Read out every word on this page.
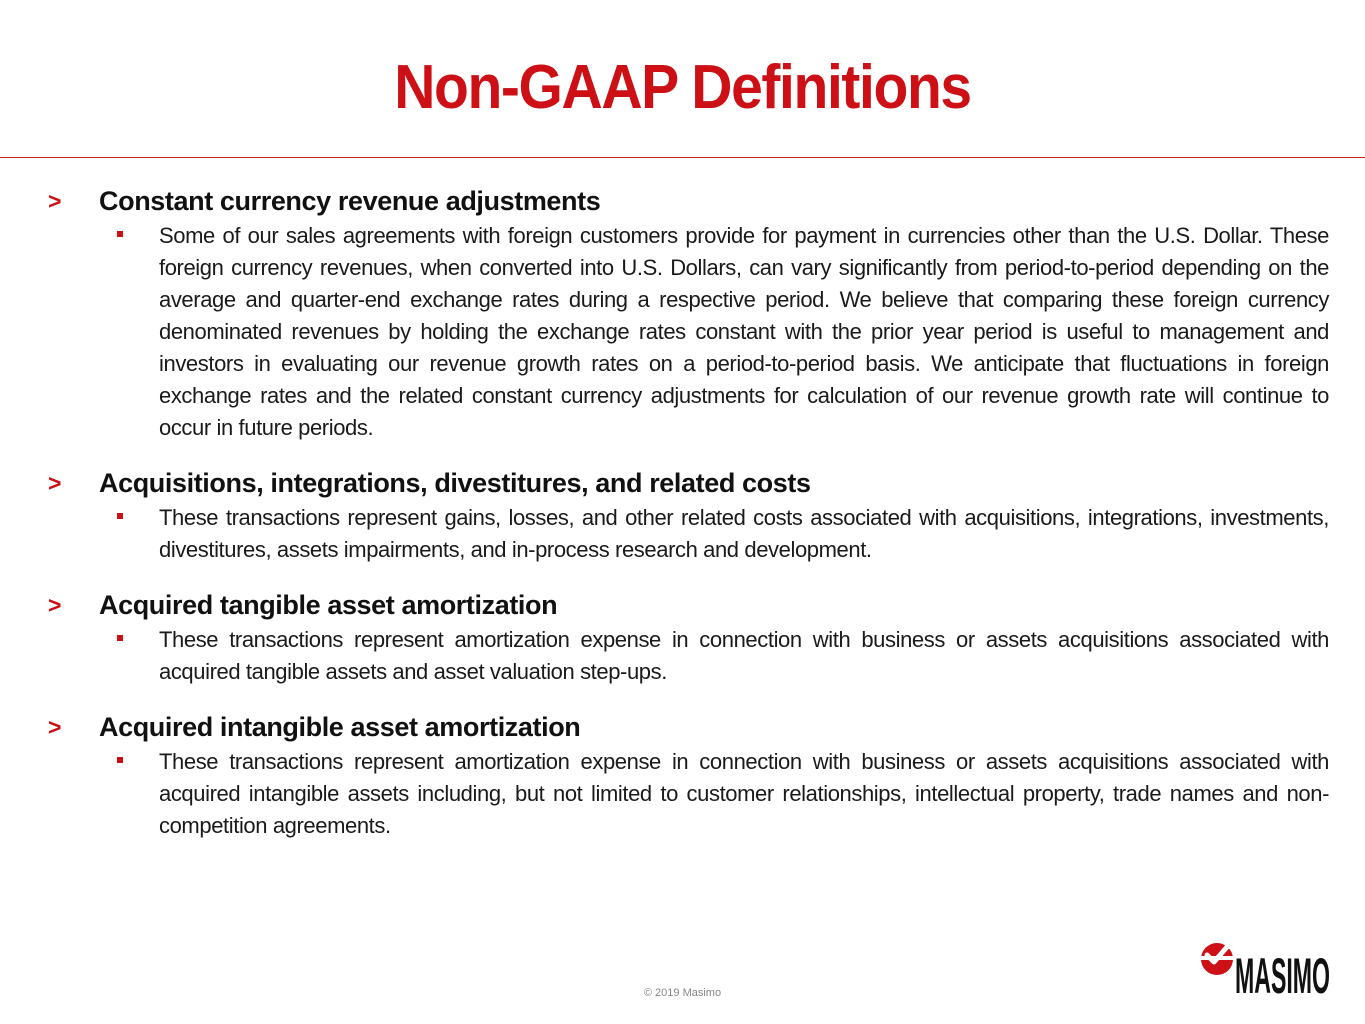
Non-GAAP Definitions
> Constant currency revenue adjustments
Some of our sales agreements with foreign customers provide for payment in currencies other than the U.S. Dollar. These foreign currency revenues, when converted into U.S. Dollars, can vary significantly from period-to-period depending on the average and quarter-end exchange rates during a respective period. We believe that comparing these foreign currency denominated revenues by holding the exchange rates constant with the prior year period is useful to management and investors in evaluating our revenue growth rates on a period-to-period basis. We anticipate that fluctuations in foreign exchange rates and the related constant currency adjustments for calculation of our revenue growth rate will continue to occur in future periods.
> Acquisitions, integrations, divestitures, and related costs
These transactions represent gains, losses, and other related costs associated with acquisitions, integrations, investments, divestitures, assets impairments, and in-process research and development.
> Acquired tangible asset amortization
These transactions represent amortization expense in connection with business or assets acquisitions associated with acquired tangible assets and asset valuation step-ups.
> Acquired intangible asset amortization
These transactions represent amortization expense in connection with business or assets acquisitions associated with acquired intangible assets including, but not limited to customer relationships, intellectual property, trade names and non-competition agreements.
© 2019 Masimo	MASIMO
